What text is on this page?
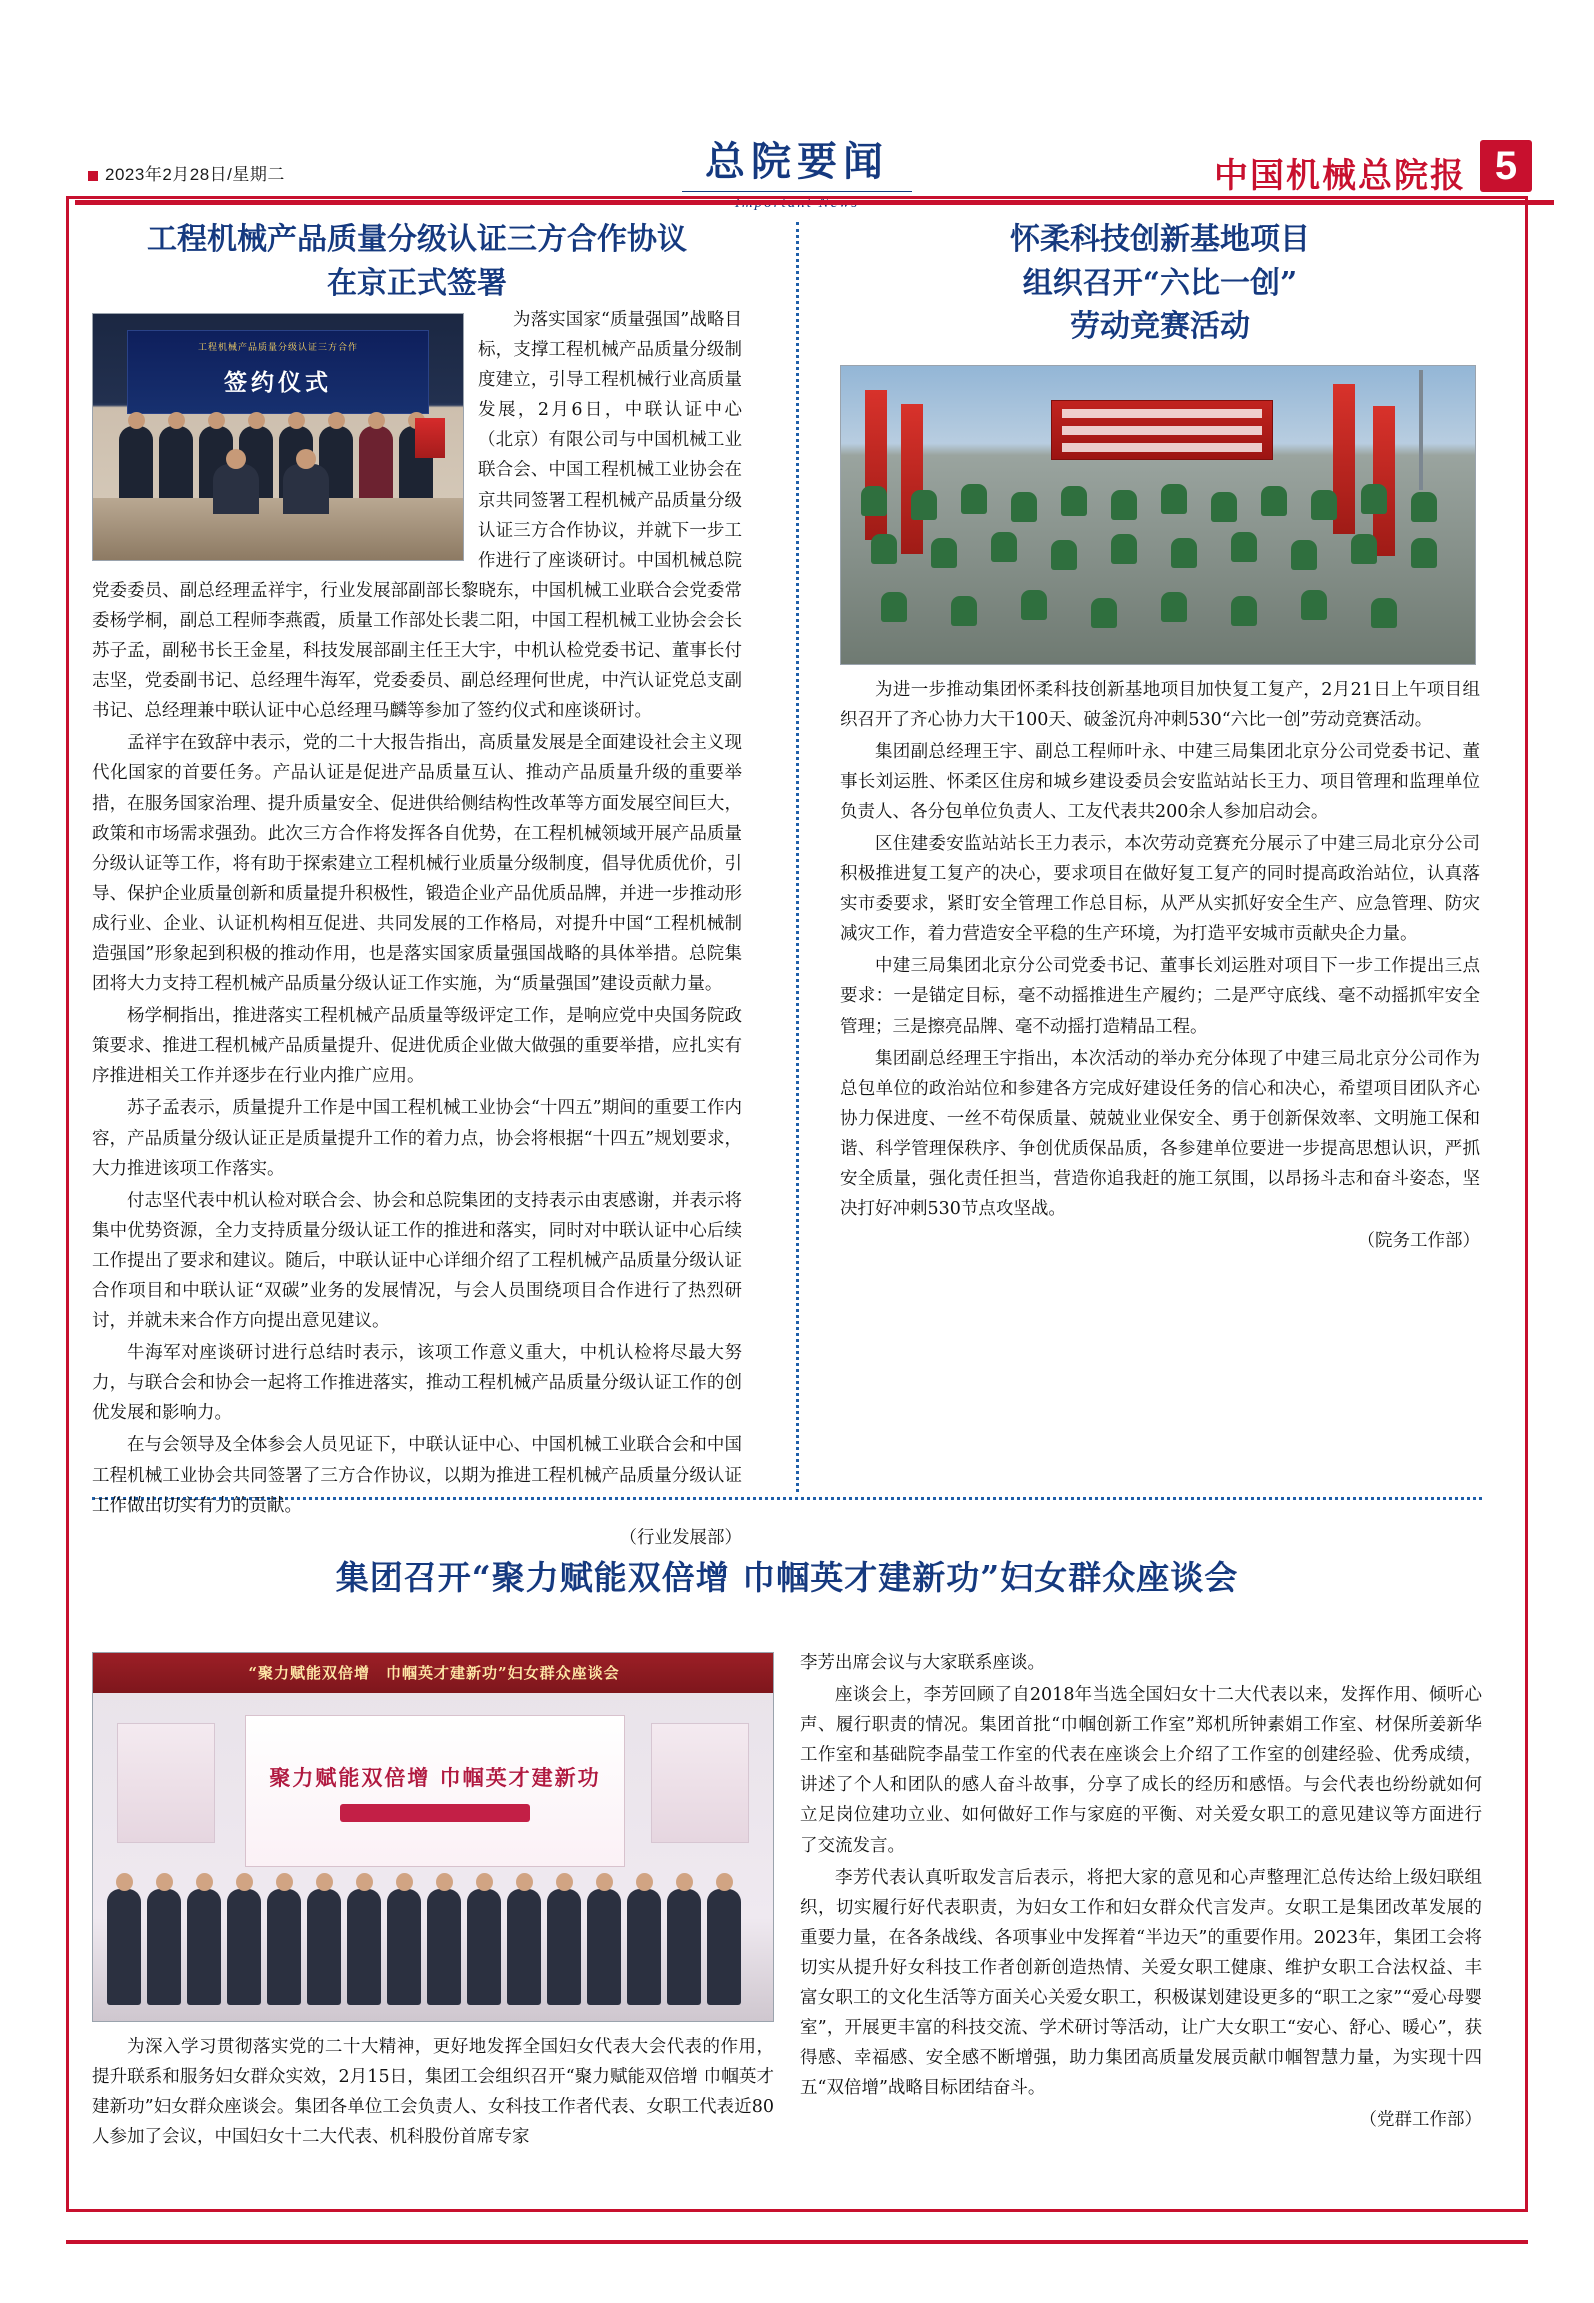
2023年2月28日/星期二	总院要闻	中国机械总院报 5
工程机械产品质量分级认证三方合作协议
在京正式签署
工程机械产品质量分级认证三方合作
签约仪式

为落实国家“质量强国”战略目标，支撑工程机械产品质量分级制度建立，引导工程机械行业高质量发展，2月6日，中联认证中心（北京）有限公司与中国机械工业联合会、中国工程机械工业协会在京共同签署工程机械产品质量分级认证三方合作协议，并就下一步工作进行了座谈研讨。中国机械总院党委委员、副总经理孟祥宇，行业发展部副部长黎晓东，中国机械工业联合会党委常委杨学桐，副总工程师李燕霞，质量工作部处长裴二阳，中国工程机械工业协会会长苏子孟，副秘书长王金星，科技发展部副主任王大宇，中机认检党委书记、董事长付志坚，党委副书记、总经理牛海军，党委委员、副总经理何世虎，中汽认证党总支副书记、总经理兼中联认证中心总经理马麟等参加了签约仪式和座谈研讨。

孟祥宇在致辞中表示，党的二十大报告指出，高质量发展是全面建设社会主义现代化国家的首要任务。产品认证是促进产品质量互认、推动产品质量升级的重要举措，在服务国家治理、提升质量安全、促进供给侧结构性改革等方面发展空间巨大，政策和市场需求强劲。此次三方合作将发挥各自优势，在工程机械领域开展产品质量分级认证等工作，将有助于探索建立工程机械行业质量分级制度，倡导优质优价，引导、保护企业质量创新和质量提升积极性，锻造企业产品优质品牌，并进一步推动形成行业、企业、认证机构相互促进、共同发展的工作格局，对提升中国“工程机械制造强国”形象起到积极的推动作用，也是落实国家质量强国战略的具体举措。总院集团将大力支持工程机械产品质量分级认证工作实施，为“质量强国”建设贡献力量。

杨学桐指出，推进落实工程机械产品质量等级评定工作，是响应党中央国务院政策要求、推进工程机械产品质量提升、促进优质企业做大做强的重要举措，应扎实有序推进相关工作并逐步在行业内推广应用。

苏子孟表示，质量提升工作是中国工程机械工业协会“十四五”期间的重要工作内容，产品质量分级认证正是质量提升工作的着力点，协会将根据“十四五”规划要求，大力推进该项工作落实。

付志坚代表中机认检对联合会、协会和总院集团的支持表示由衷感谢，并表示将集中优势资源，全力支持质量分级认证工作的推进和落实，同时对中联认证中心后续工作提出了要求和建议。随后，中联认证中心详细介绍了工程机械产品质量分级认证合作项目和中联认证“双碳”业务的发展情况，与会人员围绕项目合作进行了热烈研讨，并就未来合作方向提出意见建议。

牛海军对座谈研讨进行总结时表示，该项工作意义重大，中机认检将尽最大努力，与联合会和协会一起将工作推进落实，推动工程机械产品质量分级认证工作的创优发展和影响力。

在与会领导及全体参会人员见证下，中联认证中心、中国机械工业联合会和中国工程机械工业协会共同签署了三方合作协议，以期为推进工程机械产品质量分级认证工作做出切实有力的贡献。

（行业发展部）

怀柔科技创新基地项目
组织召开“六比一创”
劳动竞赛活动

为进一步推动集团怀柔科技创新基地项目加快复工复产，2月21日上午项目组织召开了齐心协力大干100天、破釜沉舟冲刺530“六比一创”劳动竞赛活动。

集团副总经理王宇、副总工程师叶永、中建三局集团北京分公司党委书记、董事长刘运胜、怀柔区住房和城乡建设委员会安监站站长王力、项目管理和监理单位负责人、各分包单位负责人、工友代表共200余人参加启动会。

区住建委安监站站长王力表示，本次劳动竞赛充分展示了中建三局北京分公司积极推进复工复产的决心，要求项目在做好复工复产的同时提高政治站位，认真落实市委要求，紧盯安全管理工作总目标，从严从实抓好安全生产、应急管理、防灾减灾工作，着力营造安全平稳的生产环境，为打造平安城市贡献央企力量。

中建三局集团北京分公司党委书记、董事长刘运胜对项目下一步工作提出三点要求：一是锚定目标，毫不动摇推进生产履约；二是严守底线、毫不动摇抓牢安全管理；三是擦亮品牌、毫不动摇打造精品工程。

集团副总经理王宇指出，本次活动的举办充分体现了中建三局北京分公司作为总包单位的政治站位和参建各方完成好建设任务的信心和决心，希望项目团队齐心协力保进度、一丝不苟保质量、兢兢业业保安全、勇于创新保效率、文明施工保和谐、科学管理保秩序、争创优质保品质，各参建单位要进一步提高思想认识，严抓安全质量，强化责任担当，营造你追我赶的施工氛围，以昂扬斗志和奋斗姿态，坚决打好冲刺530节点攻坚战。

（院务工作部）

集团召开“聚力赋能双倍增 巾帼英才建新功”妇女群众座谈会
“聚力赋能双倍增　巾帼英才建新功”妇女群众座谈会
聚力赋能双倍增 巾帼英才建新功

为深入学习贯彻落实党的二十大精神，更好地发挥全国妇女代表大会代表的作用，提升联系和服务妇女群众实效，2月15日，集团工会组织召开“聚力赋能双倍增 巾帼英才建新功”妇女群众座谈会。集团各单位工会负责人、女科技工作者代表、女职工代表近80人参加了会议，中国妇女十二大代表、机科股份首席专家

李芳出席会议与大家联系座谈。

座谈会上，李芳回顾了自2018年当选全国妇女十二大代表以来，发挥作用、倾听心声、履行职责的情况。集团首批“巾帼创新工作室”郑机所钟素娟工作室、材保所姜新华工作室和基础院李晶莹工作室的代表在座谈会上介绍了工作室的创建经验、优秀成绩，讲述了个人和团队的感人奋斗故事，分享了成长的经历和感悟。与会代表也纷纷就如何立足岗位建功立业、如何做好工作与家庭的平衡、对关爱女职工的意见建议等方面进行了交流发言。

李芳代表认真听取发言后表示，将把大家的意见和心声整理汇总传达给上级妇联组织，切实履行好代表职责，为妇女工作和妇女群众代言发声。女职工是集团改革发展的重要力量，在各条战线、各项事业中发挥着“半边天”的重要作用。2023年，集团工会将切实从提升好女科技工作者创新创造热情、关爱女职工健康、维护女职工合法权益、丰富女职工的文化生活等方面关心关爱女职工，积极谋划建设更多的“职工之家”“爱心母婴室”，开展更丰富的科技交流、学术研讨等活动，让广大女职工“安心、舒心、暖心”，获得感、幸福感、安全感不断增强，助力集团高质量发展贡献巾帼智慧力量，为实现十四五“双倍增”战略目标团结奋斗。

（党群工作部）
